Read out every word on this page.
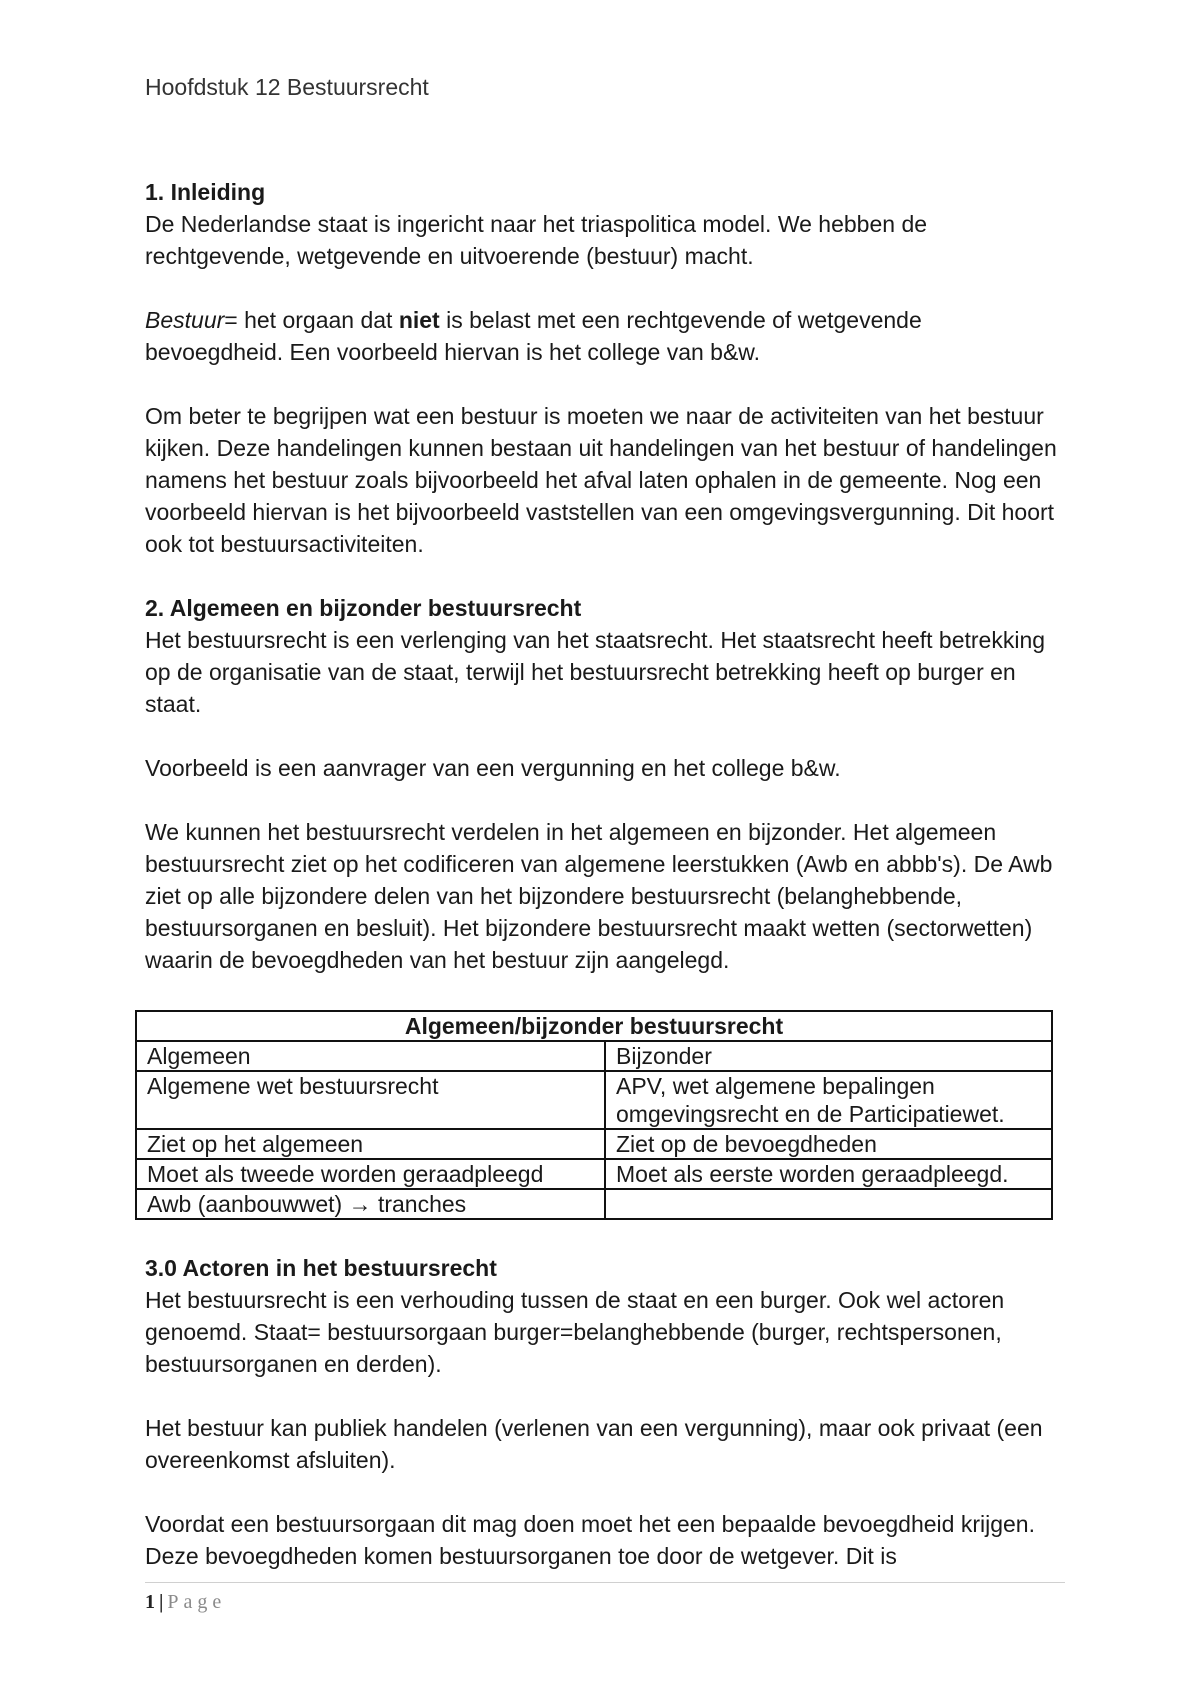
Hoofdstuk 12 Bestuursrecht
1. Inleiding

De Nederlandse staat is ingericht naar het triaspolitica model. We hebben de rechtgevende, wetgevende en uitvoerende (bestuur) macht.

Bestuur= het orgaan dat niet is belast met een rechtgevende of wetgevende bevoegdheid. Een voorbeeld hiervan is het college van b&w.

Om beter te begrijpen wat een bestuur is moeten we naar de activiteiten van het bestuur kijken. Deze handelingen kunnen bestaan uit handelingen van het bestuur of handelingen namens het bestuur zoals bijvoorbeeld het afval laten ophalen in de gemeente. Nog een voorbeeld hiervan is het bijvoorbeeld vaststellen van een omgevingsvergunning. Dit hoort ook tot bestuursactiviteiten.

2. Algemeen en bijzonder bestuursrecht

Het bestuursrecht is een verlenging van het staatsrecht. Het staatsrecht heeft betrekking op de organisatie van de staat, terwijl het bestuursrecht betrekking heeft op burger en staat.

Voorbeeld is een aanvrager van een vergunning en het college b&w.

We kunnen het bestuursrecht verdelen in het algemeen en bijzonder. Het algemeen bestuursrecht ziet op het codificeren van algemene leerstukken (Awb en abbb's). De Awb ziet op alle bijzondere delen van het bijzondere bestuursrecht (belanghebbende, bestuursorganen en besluit). Het bijzondere bestuursrecht maakt wetten (sectorwetten) waarin de bevoegdheden van het bestuur zijn aangelegd.

Algemeen/bijzonder bestuursrecht	
Algemeen	Bijzonder
Algemene wet bestuursrecht	APV, wet algemene bepalingen omgevingsrecht en de Participatiewet.
Ziet op het algemeen	Ziet op de bevoegdheden
Moet als tweede worden geraadpleegd	Moet als eerste worden geraadpleegd.
Awb (aanbouwwet) → tranches	
3.0 Actoren in het bestuursrecht

Het bestuursrecht is een verhouding tussen de staat en een burger. Ook wel actoren genoemd. Staat= bestuursorgaan burger=belanghebbende (burger, rechtspersonen, bestuursorganen en derden).

Het bestuur kan publiek handelen (verlenen van een vergunning), maar ook privaat (een overeenkomst afsluiten).

Voordat een bestuursorgaan dit mag doen moet het een bepaalde bevoegdheid krijgen. Deze bevoegdheden komen bestuursorganen toe door de wetgever. Dit is

1 | Page
